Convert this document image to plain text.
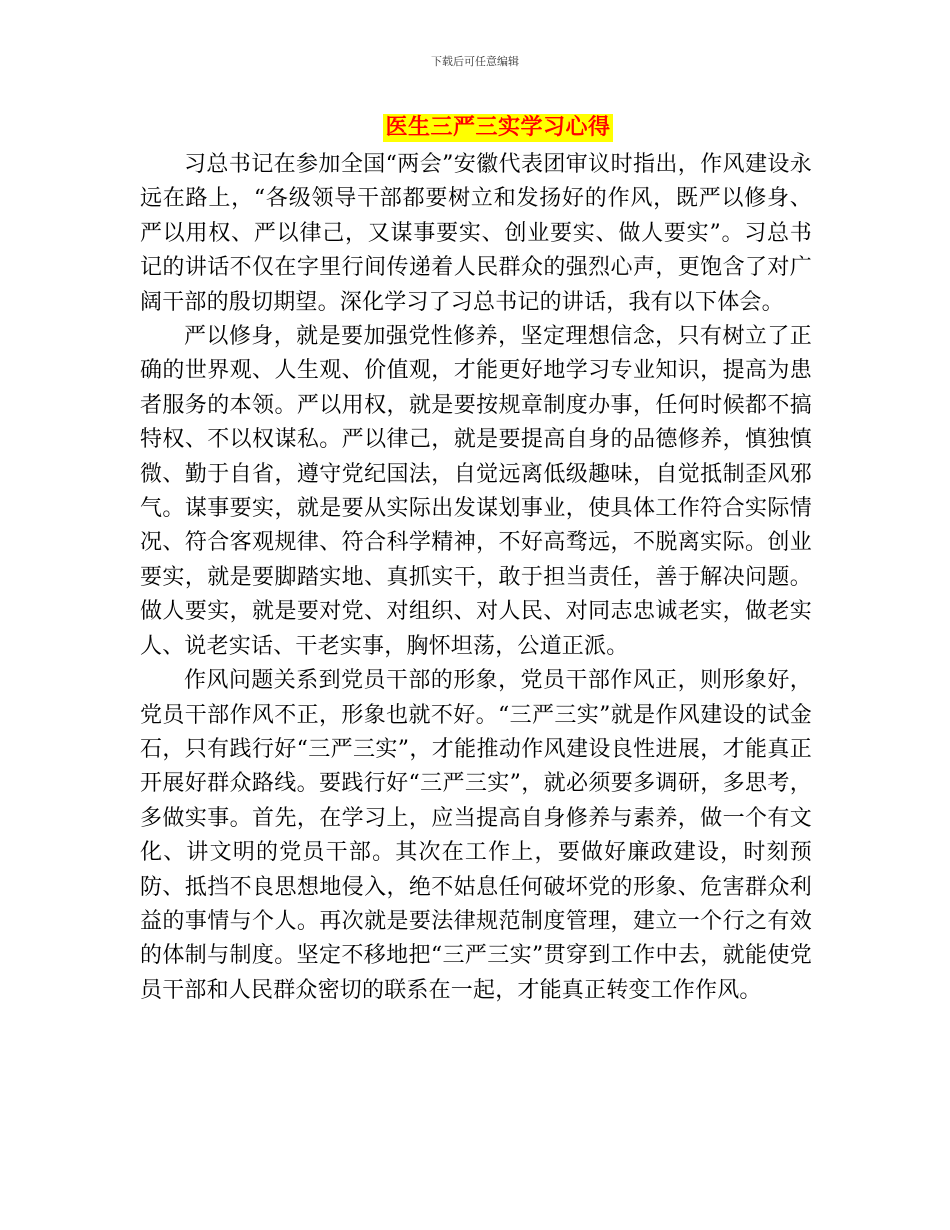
下载后可任意编辑
医生三严三实学习心得

习总书记在参加全国“两会”安徽代表团审议时指出，作风建设永远在路上，“各级领导干部都要树立和发扬好的作风，既严以修身、严以用权、严以律己，又谋事要实、创业要实、做人要实”。习总书记的讲话不仅在字里行间传递着人民群众的强烈心声，更饱含了对广阔干部的殷切期望。深化学习了习总书记的讲话，我有以下体会。

严以修身，就是要加强党性修养，坚定理想信念，只有树立了正确的世界观、人生观、价值观，才能更好地学习专业知识，提高为患者服务的本领。严以用权，就是要按规章制度办事，任何时候都不搞特权、不以权谋私。严以律己，就是要提高自身的品德修养，慎独慎微、勤于自省，遵守党纪国法，自觉远离低级趣味，自觉抵制歪风邪气。谋事要实，就是要从实际出发谋划事业，使具体工作符合实际情况、符合客观规律、符合科学精神，不好高骛远，不脱离实际。创业要实，就是要脚踏实地、真抓实干，敢于担当责任，善于解决问题。做人要实，就是要对党、对组织、对人民、对同志忠诚老实，做老实人、说老实话、干老实事，胸怀坦荡，公道正派。

作风问题关系到党员干部的形象，党员干部作风正，则形象好，党员干部作风不正，形象也就不好。“三严三实”就是作风建设的试金石，只有践行好“三严三实”，才能推动作风建设良性进展，才能真正开展好群众路线。要践行好“三严三实”，就必须要多调研，多思考，多做实事。首先，在学习上，应当提高自身修养与素养，做一个有文化、讲文明的党员干部。其次在工作上，要做好廉政建设，时刻预防、抵挡不良思想地侵入，绝不姑息任何破坏党的形象、危害群众利益的事情与个人。再次就是要法律规范制度管理，建立一个行之有效的体制与制度。坚定不移地把“三严三实”贯穿到工作中去，就能使党员干部和人民群众密切的联系在一起，才能真正转变工作作风。
